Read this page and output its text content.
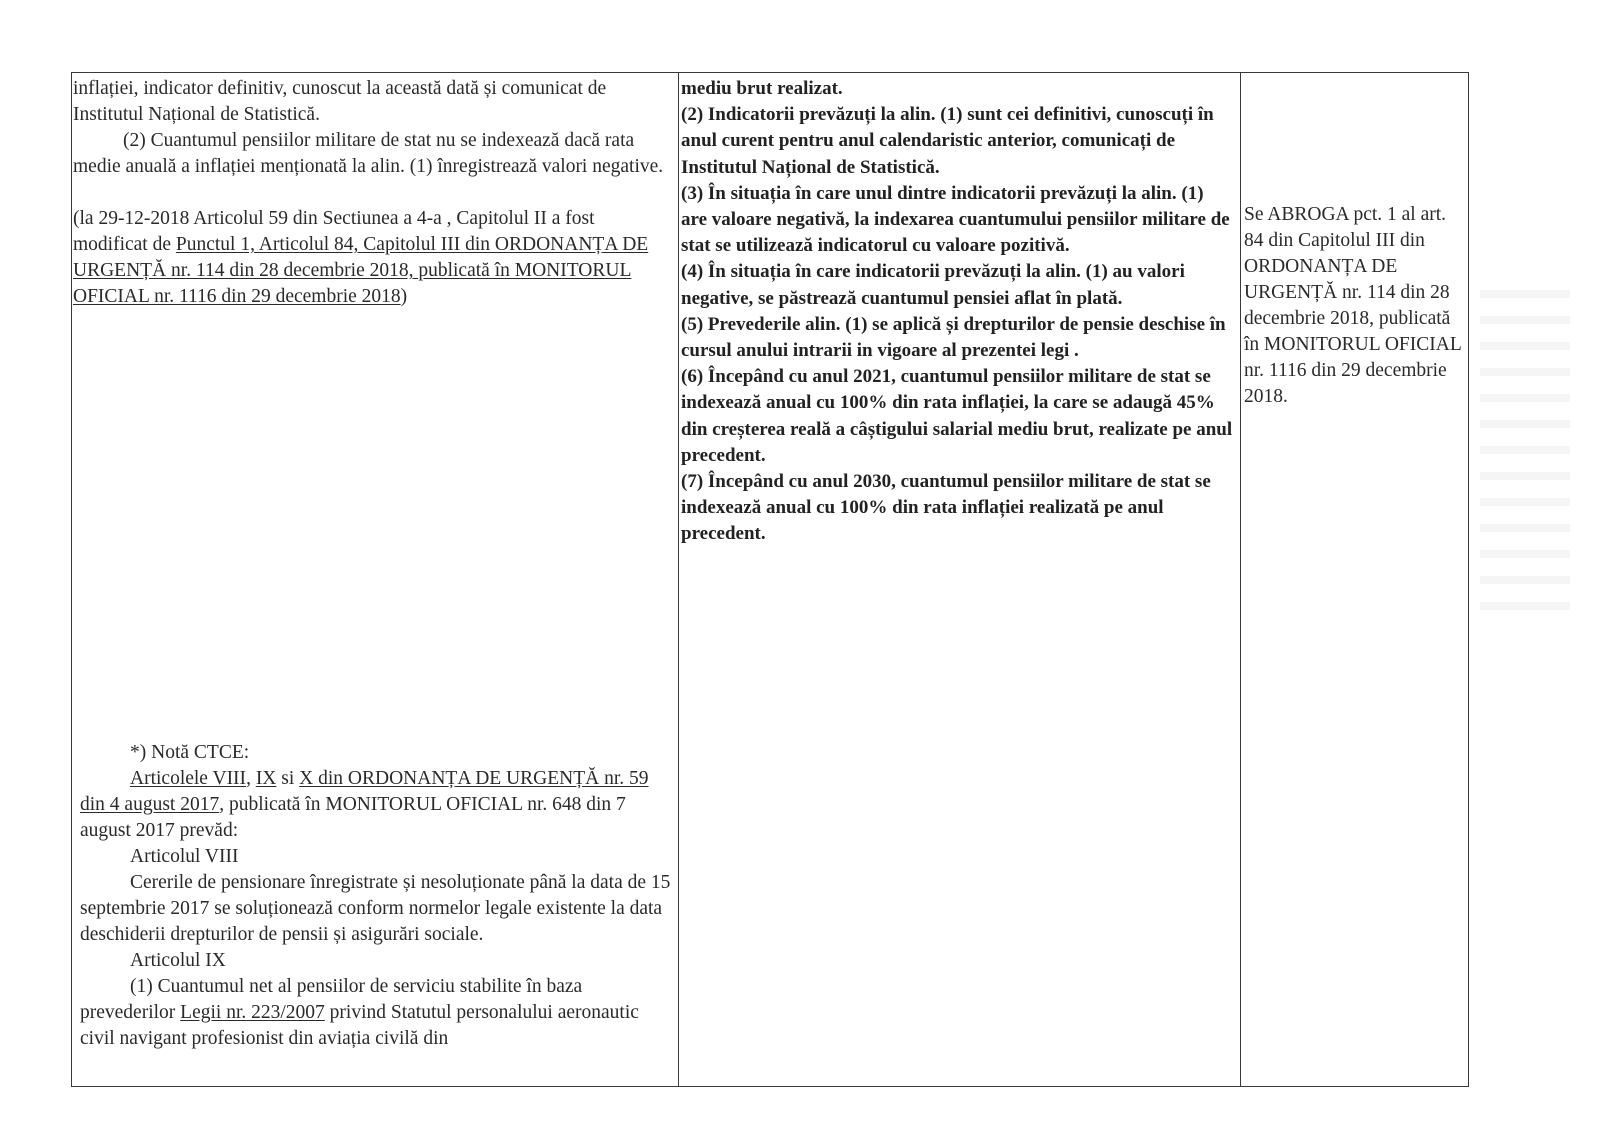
inflației, indicator definitiv, cunoscut la această dată și comunicat de Institutul Național de Statistică.

(2) Cuantumul pensiilor militare de stat nu se indexează dacă rata medie anuală a inflației menționată la alin. (1) înregistrează valori negative.

(la 29-12-2018 Articolul 59 din Sectiunea a 4-a , Capitolul II a fost modificat de Punctul 1, Articolul 84, Capitolul III din ORDONANȚA DE URGENȚĂ nr. 114 din 28 decembrie 2018, publicată în MONITORUL OFICIAL nr. 1116 din 29 decembrie 2018)

*) Notă CTCE:

Articolele VIII, IX si X din ORDONANȚA DE URGENȚĂ nr. 59 din 4 august 2017, publicată în MONITORUL OFICIAL nr. 648 din 7 august 2017 prevăd:

Articolul VIII

Cererile de pensionare înregistrate și nesoluționate până la data de 15 septembrie 2017 se soluționează conform normelor legale existente la data deschiderii drepturilor de pensii și asigurări sociale.

Articolul IX

(1) Cuantumul net al pensiilor de serviciu stabilite în baza prevederilor Legii nr. 223/2007 privind Statutul personalului aeronautic civil navigant profesionist din aviația civilă din

mediu brut realizat.

(2) Indicatorii prevăzuți la alin. (1) sunt cei definitivi, cunoscuți în anul curent pentru anul calendaristic anterior, comunicați de Institutul Național de Statistică.

(3) În situația în care unul dintre indicatorii prevăzuți la alin. (1) are valoare negativă, la indexarea cuantumului pensiilor militare de stat se utilizează indicatorul cu valoare pozitivă.

(4) În situația în care indicatorii prevăzuți la alin. (1) au valori negative, se păstrează cuantumul pensiei aflat în plată.

(5) Prevederile alin. (1) se aplică și drepturilor de pensie deschise în cursul anului intrarii in vigoare al prezentei legi .

(6) Începând cu anul 2021, cuantumul pensiilor militare de stat se indexează anual cu 100% din rata inflației, la care se adaugă 45% din creșterea reală a câștigului salarial mediu brut, realizate pe anul precedent.

(7) Începând cu anul 2030, cuantumul pensiilor militare de stat se indexează anual cu 100% din rata inflației realizată pe anul precedent.

Se ABROGA pct. 1 al art. 84 din Capitolul III din ORDONANȚA DE URGENȚĂ nr. 114 din 28 decembrie 2018, publicată în MONITORUL OFICIAL nr. 1116 din 29 decembrie 2018.
